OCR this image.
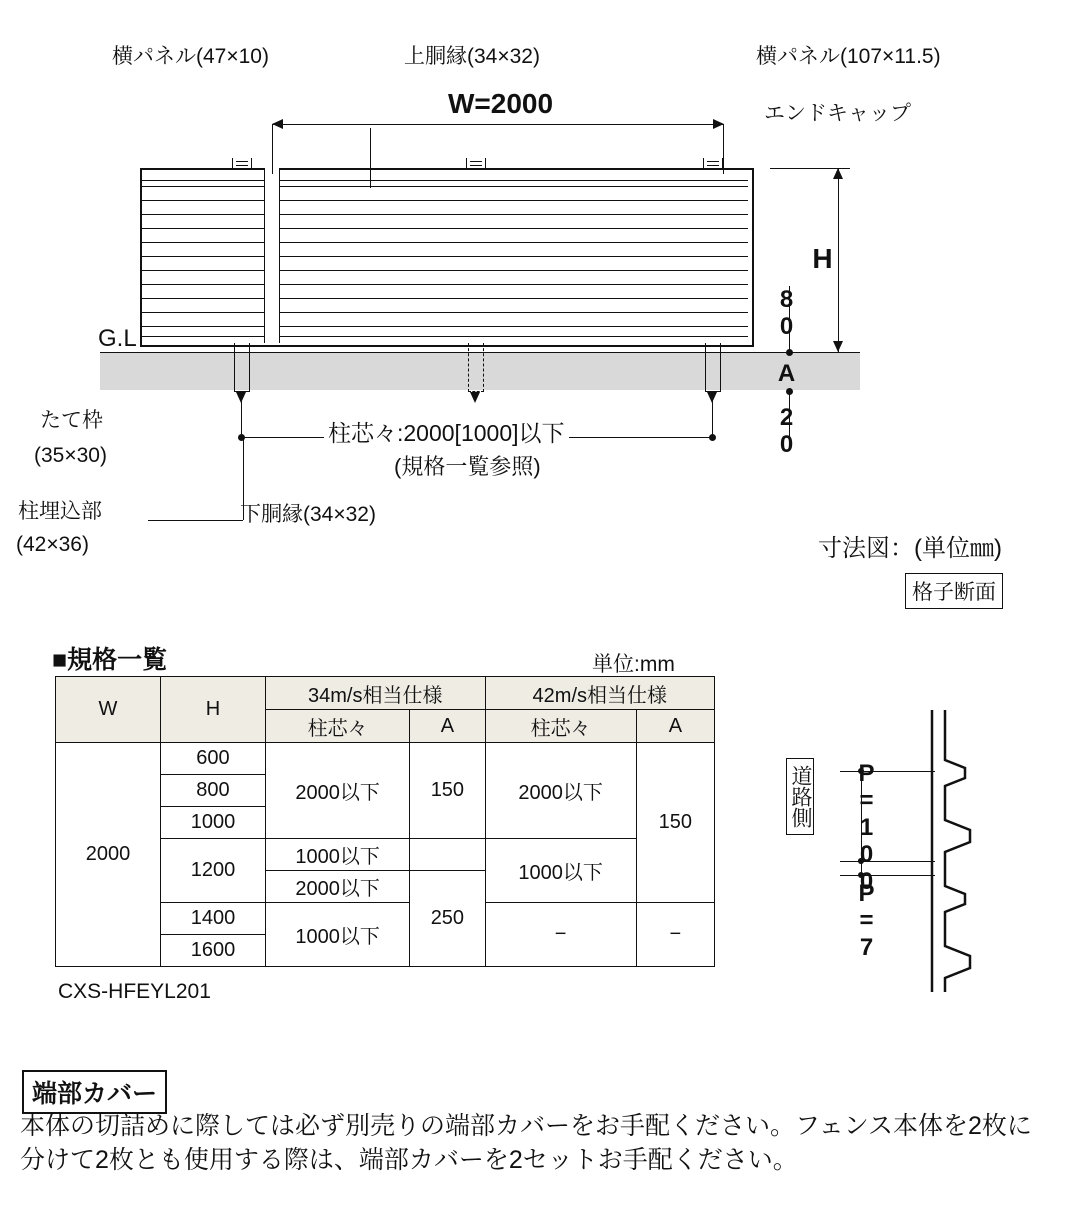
G.L
W=2000
H
80
A
20
柱芯々:2000[1000]以下
(規格一覧参照)
横パネル(47×10)	上胴縁(34×32)	横パネル(107×11.5)
エンドキャップ
たて枠
(35×30)
柱埋込部
(42×36)
下胴縁(34×32)
寸法図：(単位㎜)
格子断面
■規格一覧	単位:mm
W	H	34m/s相当仕様		42m/s相当仕様	
		柱芯々	A	柱芯々	A
2000	600	2000以下	150	2000以下	150
	800				
	1000				
	1200	1000以下		1000以下	
		2000以下	250		
	1400	1000以下		−	−
	1600				
CXS-HFEYL201
P=100
P=7
道路側
端部カバー
本体の切詰めに際しては必ず別売りの端部カバーをお手配ください。フェンス本体を2枚に分けて2枚とも使用する際は、端部カバーを2セットお手配ください。
